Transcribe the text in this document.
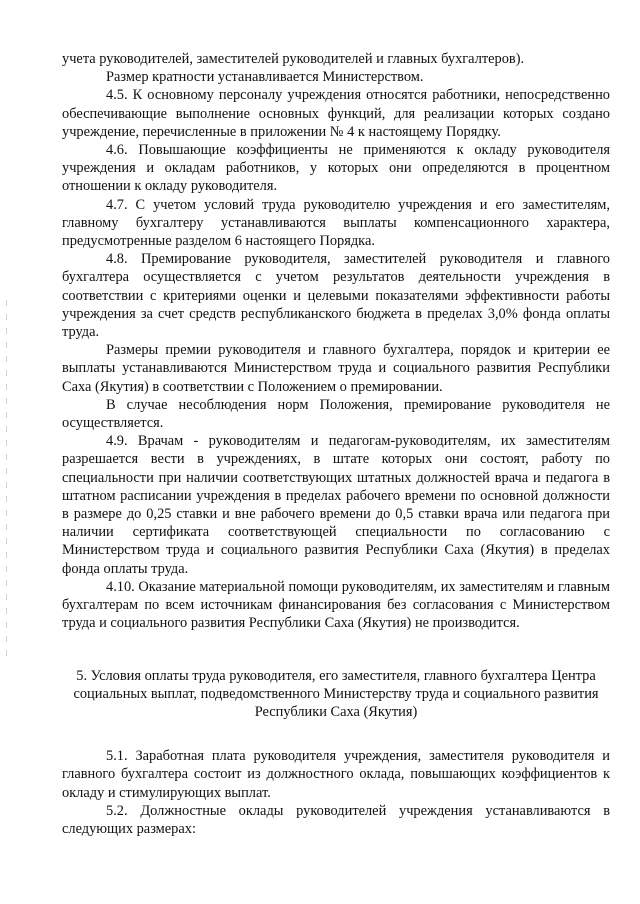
учета руководителей, заместителей руководителей и главных бухгалтеров).

Размер кратности устанавливается Министерством.

4.5. К основному персоналу учреждения относятся работники, непосредственно обеспечивающие выполнение основных функций, для реализации которых создано учреждение, перечисленные в приложении № 4 к настоящему Порядку.

4.6. Повышающие коэффициенты не применяются к окладу руководителя учреждения и окладам работников, у которых они определяются в процентном отношении к окладу руководителя.

4.7. С учетом условий труда руководителю учреждения и его заместителям, главному бухгалтеру устанавливаются выплаты компенсационного характера, предусмотренные разделом 6 настоящего Порядка.

4.8. Премирование руководителя, заместителей руководителя и главного бухгалтера осуществляется с учетом результатов деятельности учреждения в соответствии с критериями оценки и целевыми показателями эффективности работы учреждения за счет средств республиканского бюджета в пределах 3,0% фонда оплаты труда.

Размеры премии руководителя и главного бухгалтера, порядок и критерии ее выплаты устанавливаются Министерством труда и социального развития Республики Саха (Якутия) в соответствии с Положением о премировании.

В случае несоблюдения норм Положения, премирование руководителя не осуществляется.

4.9. Врачам - руководителям и педагогам-руководителям, их заместителям разрешается вести в учреждениях, в штате которых они состоят, работу по специальности при наличии соответствующих штатных должностей врача и педагога в штатном расписании учреждения в пределах рабочего времени по основной должности в размере до 0,25 ставки и вне рабочего времени до 0,5 ставки врача или педагога при наличии сертификата соответствующей специальности по согласованию с Министерством труда и социального развития Республики Саха (Якутия) в пределах фонда оплаты труда.

4.10. Оказание материальной помощи руководителям, их заместителям и главным бухгалтерам по всем источникам финансирования без согласования с Министерством труда и социального развития Республики Саха (Якутия) не производится.

5. Условия оплаты труда руководителя, его заместителя, главного бухгалтера Центра социальных выплат, подведомственного Министерству труда и социального развития Республики Саха (Якутия)

5.1. Заработная плата руководителя учреждения, заместителя руководителя и главного бухгалтера состоит из должностного оклада, повышающих коэффициентов к окладу и стимулирующих выплат.

5.2. Должностные оклады руководителей учреждения устанавливаются в следующих размерах:
